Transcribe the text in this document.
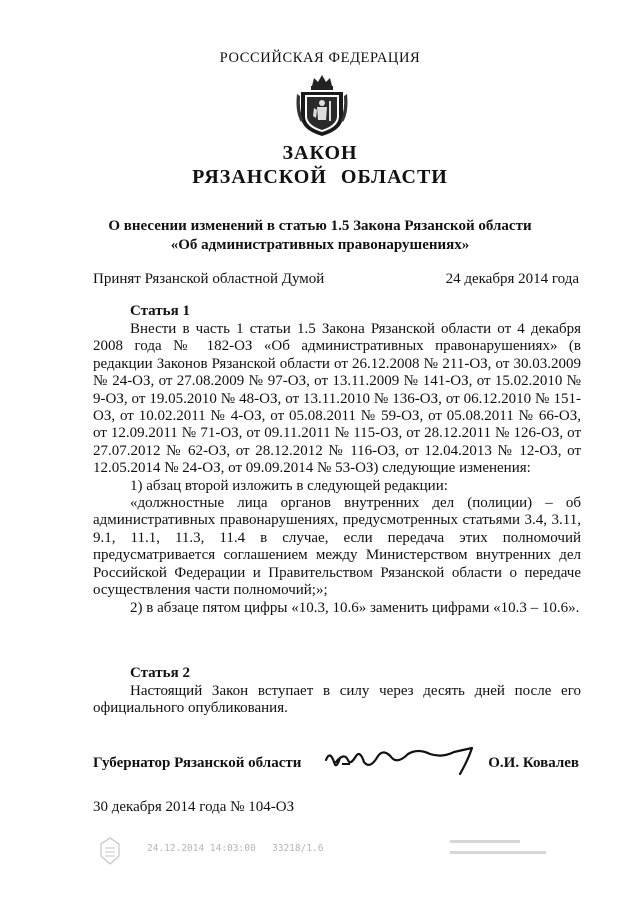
РОССИЙСКАЯ ФЕДЕРАЦИЯ
ЗАКОН
РЯЗАНСКОЙ ОБЛАСТИ
О внесении изменений в статью 1.5 Закона Рязанской области
«Об административных правонарушениях»
Принят Рязанской областной Думой	24 декабря 2014 года
Статья 1

Внести в часть 1 статьи 1.5 Закона Рязанской области от 4 декабря 2008 года № 182-ОЗ «Об административных правонарушениях» (в редакции Законов Рязанской области от 26.12.2008 № 211-ОЗ, от 30.03.2009 № 24-ОЗ, от 27.08.2009 № 97-ОЗ, от 13.11.2009 № 141-ОЗ, от 15.02.2010 № 9-ОЗ, от 19.05.2010 № 48-ОЗ, от 13.11.2010 № 136-ОЗ, от 06.12.2010 № 151-ОЗ, от 10.02.2011 № 4-ОЗ, от 05.08.2011 № 59-ОЗ, от 05.08.2011 № 66-ОЗ, от 12.09.2011 № 71-ОЗ, от 09.11.2011 № 115-ОЗ, от 28.12.2011 № 126-ОЗ, от 27.07.2012 № 62-ОЗ, от 28.12.2012 № 116-ОЗ, от 12.04.2013 № 12-ОЗ, от 12.05.2014 № 24-ОЗ, от 09.09.2014 № 53-ОЗ) следующие изменения:

1) абзац второй изложить в следующей редакции:

«должностные лица органов внутренних дел (полиции) – об административных правонарушениях, предусмотренных статьями 3.4, 3.11, 9.1, 11.1, 11.3, 11.4 в случае, если передача этих полномочий предусматривается соглашением между Министерством внутренних дел Российской Федерации и Правительством Рязанской области о передаче осуществления части полномочий;»;

2) в абзаце пятом цифры «10.3, 10.6» заменить цифрами «10.3 – 10.6».

Статья 2

Настоящий Закон вступает в силу через десять дней после его официального опубликования.

Губернатор Рязанской области	О.И. Ковалев
30 декабря 2014 года № 104-ОЗ
24.12.2014 14:03:00 33218/1.6
